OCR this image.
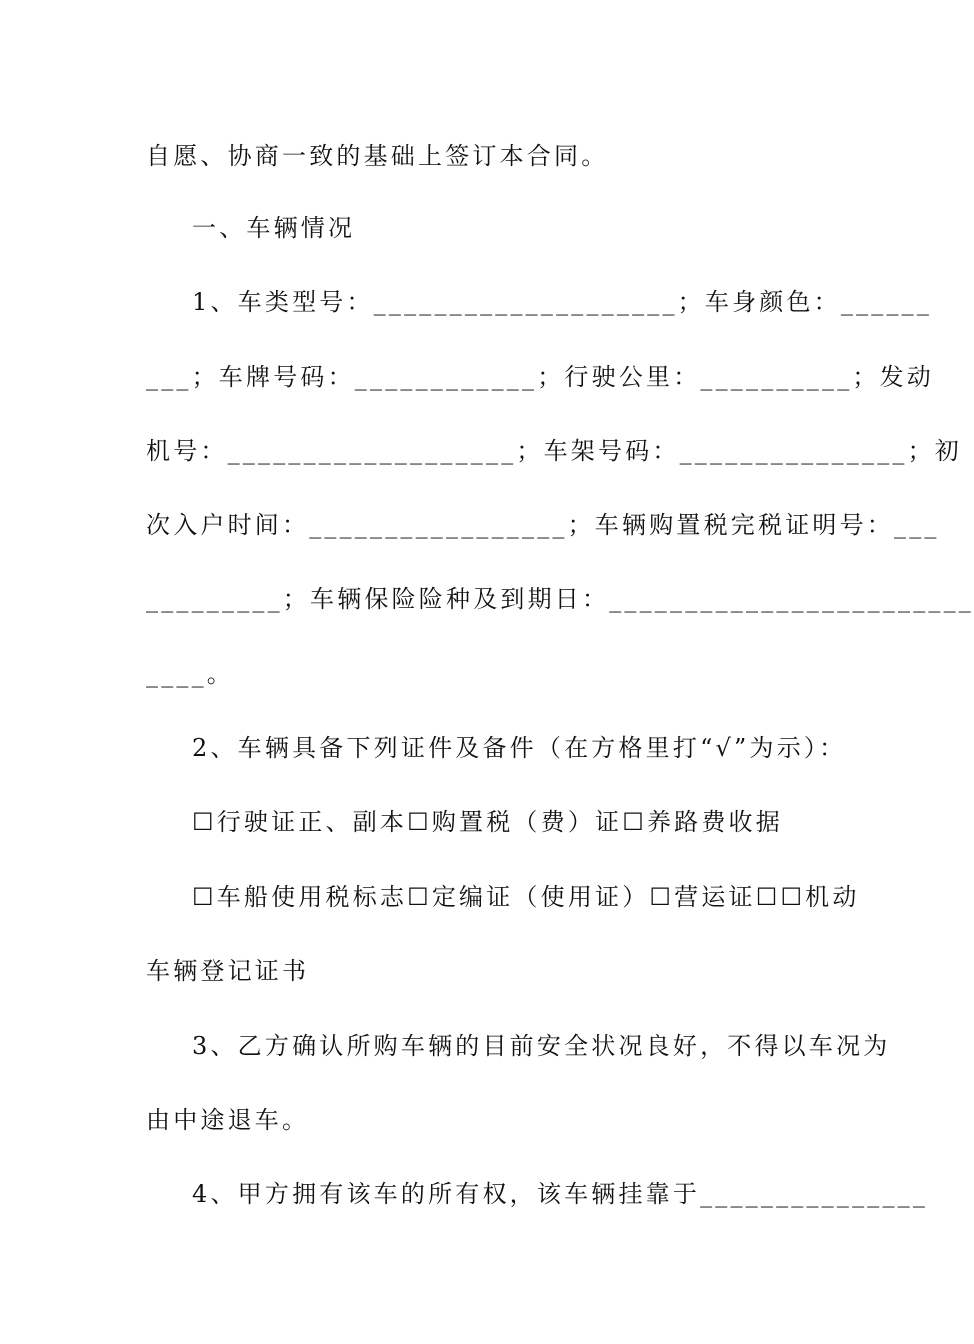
自愿、协商一致的基础上签订本合同。
一、车辆情况
1、车类型号：____________________；车身颜色：______
___；车牌号码：____________；行驶公里：__________；发动
机号：___________________；车架号码：_______________；初
次入户时间：_________________；车辆购置税完税证明号：___
_________；车辆保险险种及到期日：________________________
____。
2、车辆具备下列证件及备件（在方格里打“√”为示）：
☐行驶证正、副本☐购置税（费）证☐养路费收据
☐车船使用税标志☐定编证（使用证）☐营运证☐☐机动
车辆登记证书
3、乙方确认所购车辆的目前安全状况良好，不得以车况为
由中途退车。
4、甲方拥有该车的所有权，该车辆挂靠于_______________
